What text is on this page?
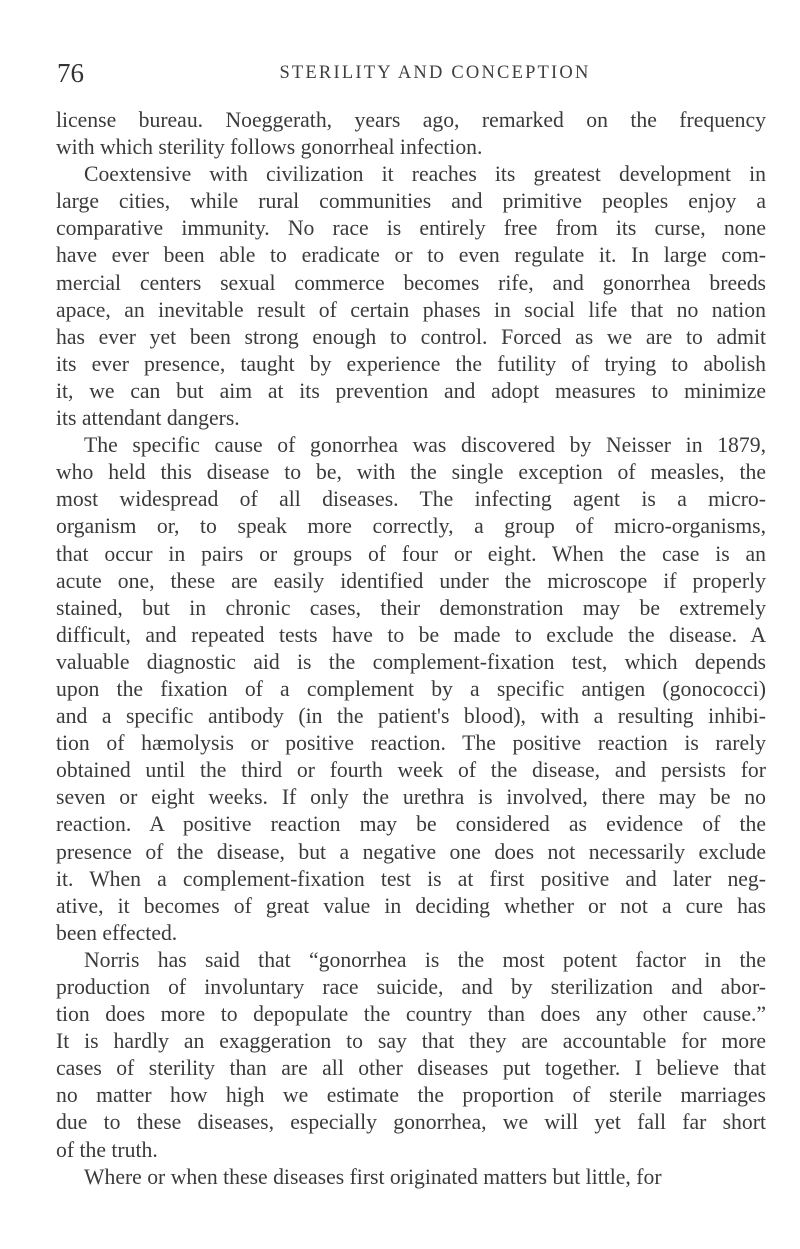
76	STERILITY AND CONCEPTION

license bureau. Noeggerath, years ago, remarked on the frequency
with which sterility follows gonorrheal infection.

Coextensive with civilization it reaches its greatest development in
large cities, while rural communities and primitive peoples enjoy a
comparative immunity. No race is entirely free from its curse, none
have ever been able to eradicate or to even regulate it. In large com-
mercial centers sexual commerce becomes rife, and gonorrhea breeds
apace, an inevitable result of certain phases in social life that no nation
has ever yet been strong enough to control. Forced as we are to admit
its ever presence, taught by experience the futility of trying to abolish
it, we can but aim at its prevention and adopt measures to minimize
its attendant dangers.

The specific cause of gonorrhea was discovered by Neisser in 1879,
who held this disease to be, with the single exception of measles, the
most widespread of all diseases. The infecting agent is a micro-
organism or, to speak more correctly, a group of micro-organisms,
that occur in pairs or groups of four or eight. When the case is an
acute one, these are easily identified under the microscope if properly
stained, but in chronic cases, their demonstration may be extremely
difficult, and repeated tests have to be made to exclude the disease. A
valuable diagnostic aid is the complement-fixation test, which depends
upon the fixation of a complement by a specific antigen (gonococci)
and a specific antibody (in the patient's blood), with a resulting inhibi-
tion of hæmolysis or positive reaction. The positive reaction is rarely
obtained until the third or fourth week of the disease, and persists for
seven or eight weeks. If only the urethra is involved, there may be no
reaction. A positive reaction may be considered as evidence of the
presence of the disease, but a negative one does not necessarily exclude
it. When a complement-fixation test is at first positive and later neg-
ative, it becomes of great value in deciding whether or not a cure has
been effected.

Norris has said that “gonorrhea is the most potent factor in the
production of involuntary race suicide, and by sterilization and abor-
tion does more to depopulate the country than does any other cause.”
It is hardly an exaggeration to say that they are accountable for more
cases of sterility than are all other diseases put together. I believe that
no matter how high we estimate the proportion of sterile marriages
due to these diseases, especially gonorrhea, we will yet fall far short
of the truth.

Where or when these diseases first originated matters but little, for
